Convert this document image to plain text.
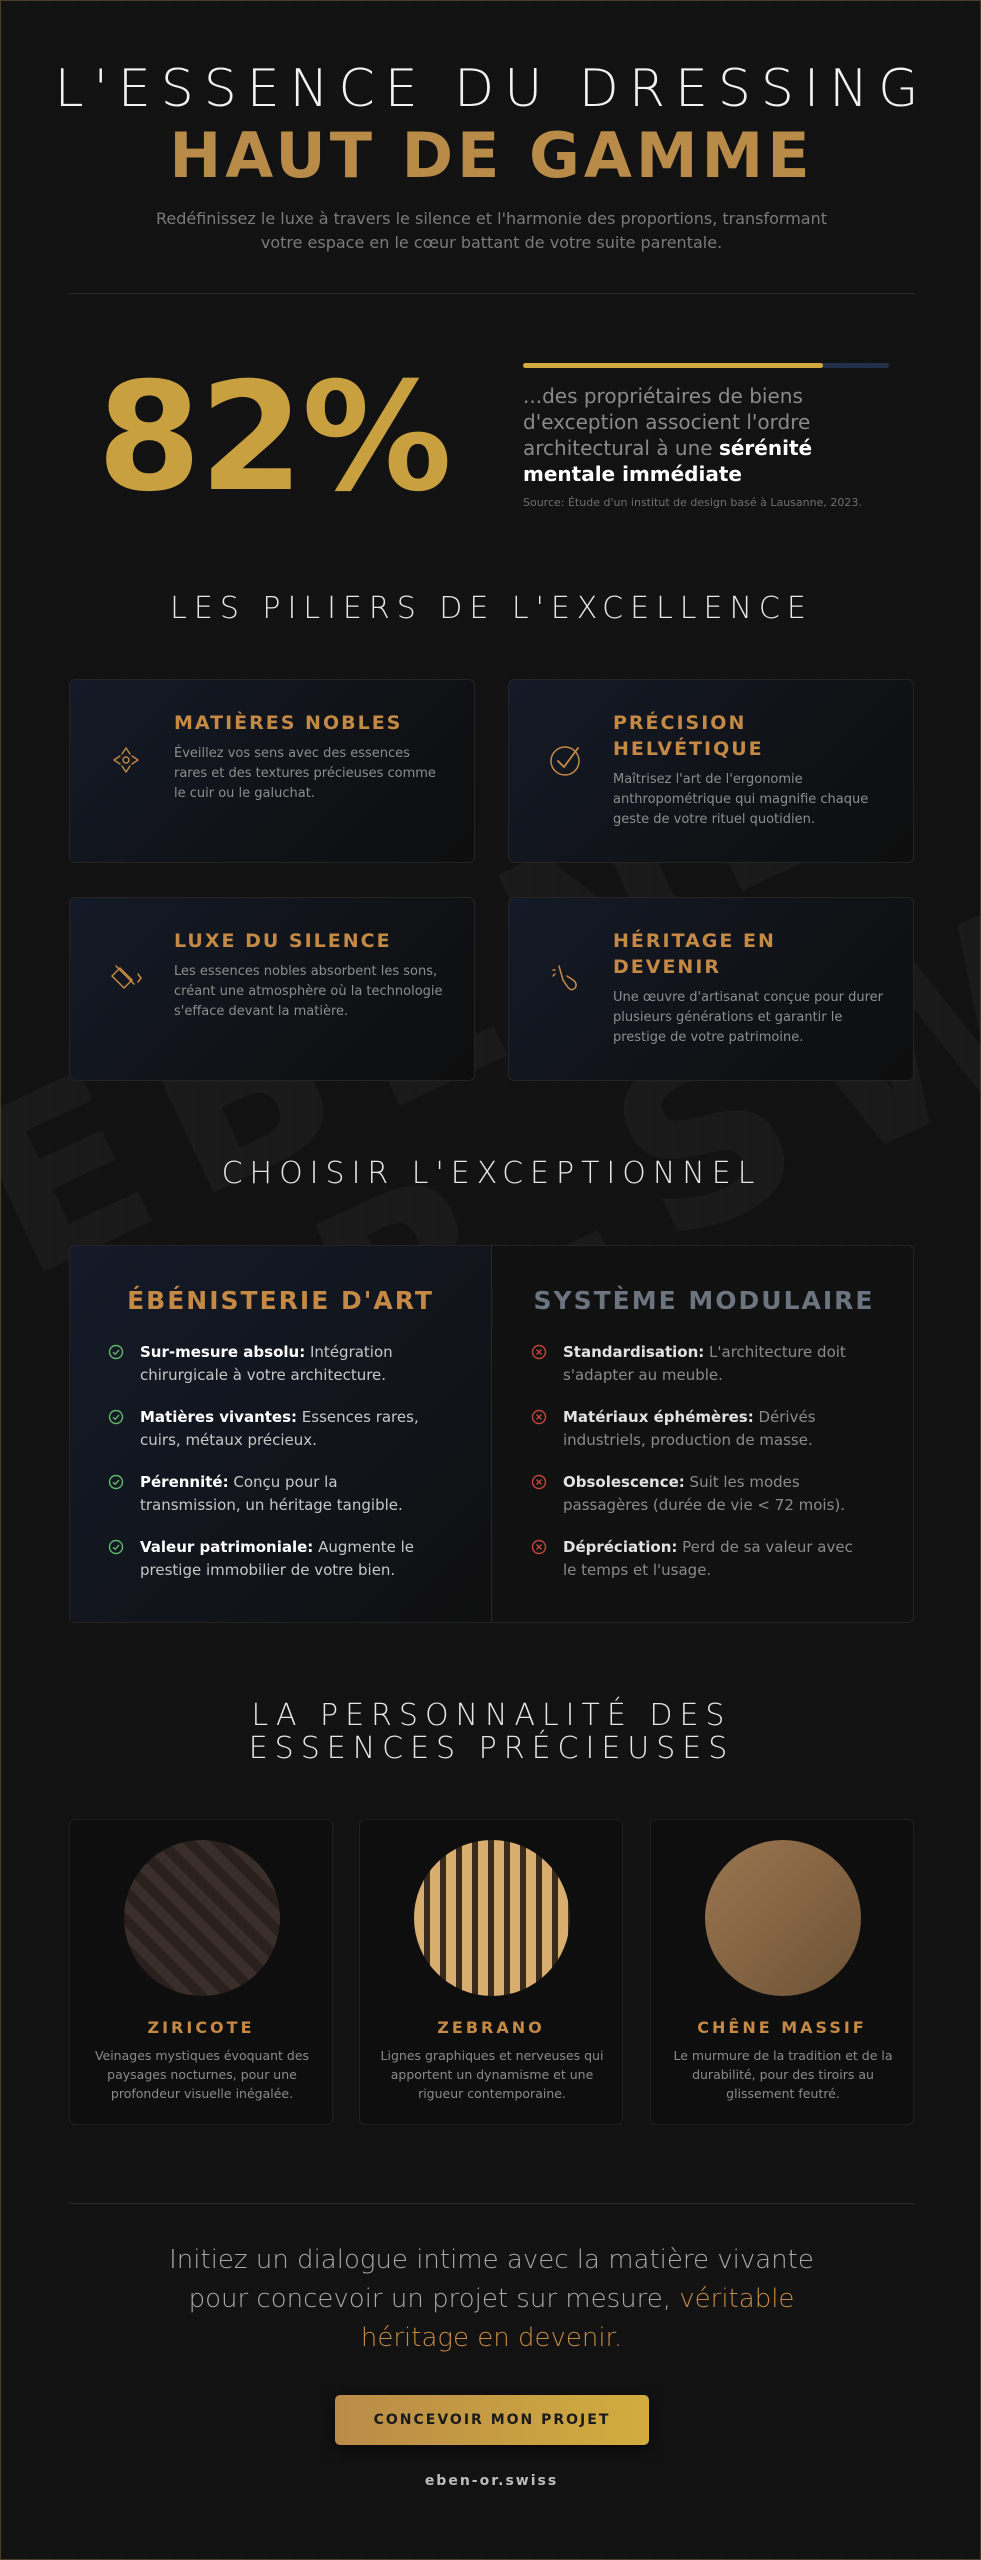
L'ESSENCE DU DRESSING
HAUT DE GAMME

Redéfinissez le luxe à travers le silence et l'harmonie des proportions, transformant votre espace en le cœur battant de votre suite parentale.

82%	...des propriétaires de biens d'exception associent l'ordre architectural à une sérénité mentale immédiate

Source: Étude d'un institut de design basé à Lausanne, 2023.
LES PILIERS DE L'EXCELLENCE
MATIÈRES NOBLES
Éveillez vos sens avec des essences rares et des textures précieuses comme le cuir ou le galuchat.
PRÉCISION HELVÉTIQUE
Maîtrisez l'art de l'ergonomie anthropométrique qui magnifie chaque geste de votre rituel quotidien.
LUXE DU SILENCE
Les essences nobles absorbent les sons, créant une atmosphère où la technologie s'efface devant la matière.
HÉRITAGE EN DEVENIR
Une œuvre d'artisanat conçue pour durer plusieurs générations et garantir le prestige de votre patrimoine.
CHOISIR L'EXCEPTIONNEL
ÉBÉNISTERIE D'ART
Sur-mesure absolu: Intégration chirurgicale à votre architecture.
Matières vivantes: Essences rares, cuirs, métaux précieux.
Pérennité: Conçu pour la transmission, un héritage tangible.
Valeur patrimoniale: Augmente le prestige immobilier de votre bien.
SYSTÈME MODULAIRE
Standardisation: L'architecture doit s'adapter au meuble.
Matériaux éphémères: Dérivés industriels, production de masse.
Obsolescence: Suit les modes passagères (durée de vie < 72 mois).
Dépréciation: Perd de sa valeur avec le temps et l'usage.
LA PERSONNALITÉ DES ESSENCES PRÉCIEUSES
ZIRICOTE
Veinages mystiques évoquant des paysages nocturnes, pour une profondeur visuelle inégalée.
ZEBRANO
Lignes graphiques et nerveuses qui apportent un dynamisme et une rigueur contemporaine.
CHÊNE MASSIF
Le murmure de la tradition et de la durabilité, pour des tiroirs au glissement feutré.

Initiez un dialogue intime avec la matière vivante pour concevoir un projet sur mesure, véritable héritage en devenir.

CONCEVOIR MON PROJET
eben-or.swiss
